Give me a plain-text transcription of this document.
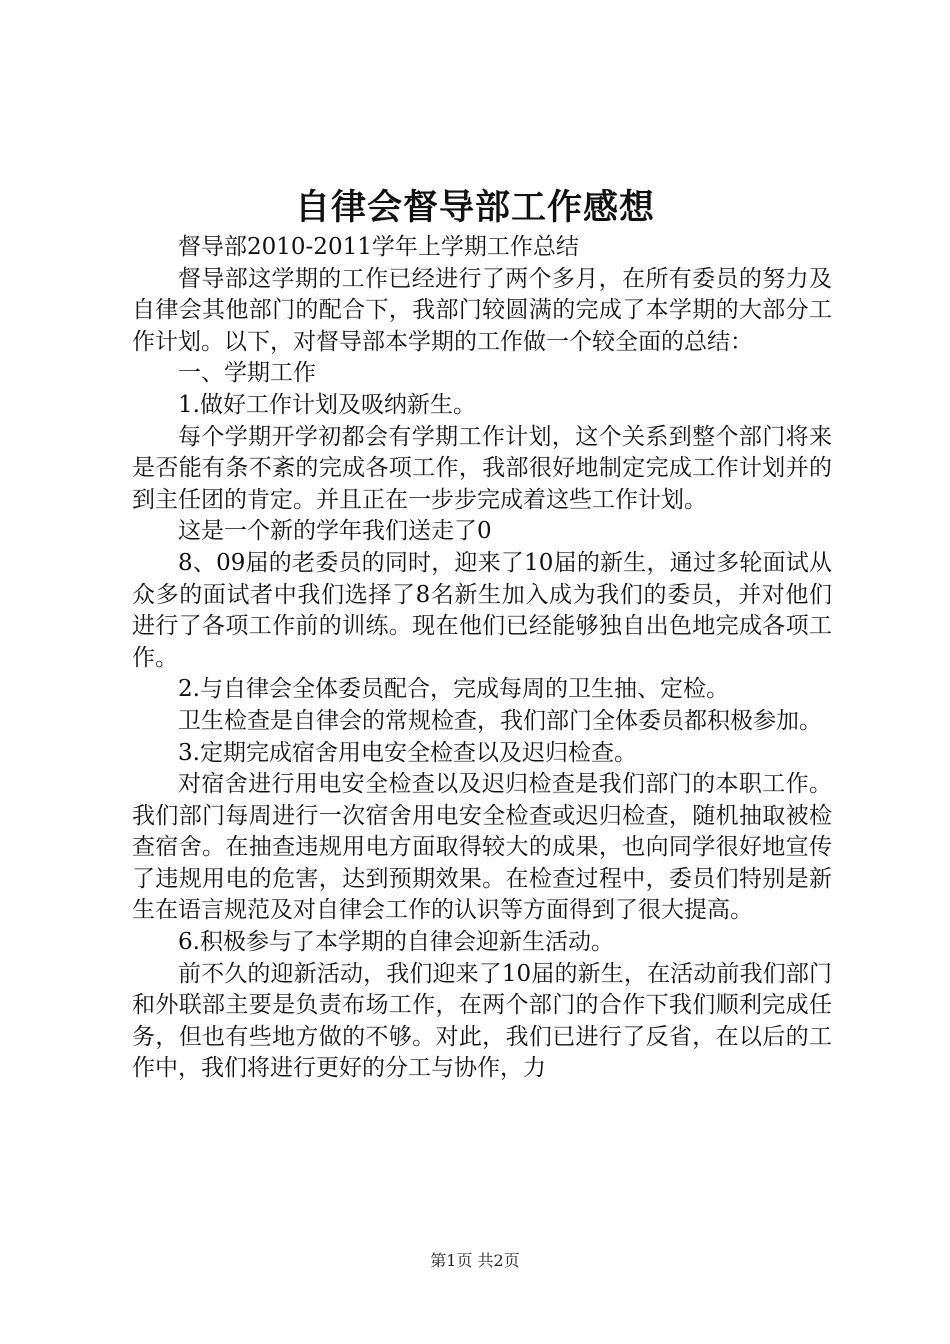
自律会督导部工作感想

督导部2010-2011学年上学期工作总结

督导部这学期的工作已经进行了两个多月，在所有委员的努力及自律会其他部门的配合下，我部门较圆满的完成了本学期的大部分工作计划。以下，对督导部本学期的工作做一个较全面的总结：

一、学期工作

1.做好工作计划及吸纳新生。

每个学期开学初都会有学期工作计划，这个关系到整个部门将来是否能有条不紊的完成各项工作，我部很好地制定完成工作计划并的到主任团的肯定。并且正在一步步完成着这些工作计划。

这是一个新的学年我们送走了0

8、09届的老委员的同时，迎来了10届的新生，通过多轮面试从众多的面试者中我们选择了8名新生加入成为我们的委员，并对他们进行了各项工作前的训练。现在他们已经能够独自出色地完成各项工作。

2.与自律会全体委员配合，完成每周的卫生抽、定检。

卫生检查是自律会的常规检查，我们部门全体委员都积极参加。

3.定期完成宿舍用电安全检查以及迟归检查。

对宿舍进行用电安全检查以及迟归检查是我们部门的本职工作。我们部门每周进行一次宿舍用电安全检查或迟归检查，随机抽取被检查宿舍。在抽查违规用电方面取得较大的成果，也向同学很好地宣传了违规用电的危害，达到预期效果。在检查过程中，委员们特别是新生在语言规范及对自律会工作的认识等方面得到了很大提高。

6.积极参与了本学期的自律会迎新生活动。

前不久的迎新活动，我们迎来了10届的新生，在活动前我们部门和外联部主要是负责布场工作，在两个部门的合作下我们顺利完成任务，但也有些地方做的不够。对此，我们已进行了反省，在以后的工作中，我们将进行更好的分工与协作，力

第1页 共2页
